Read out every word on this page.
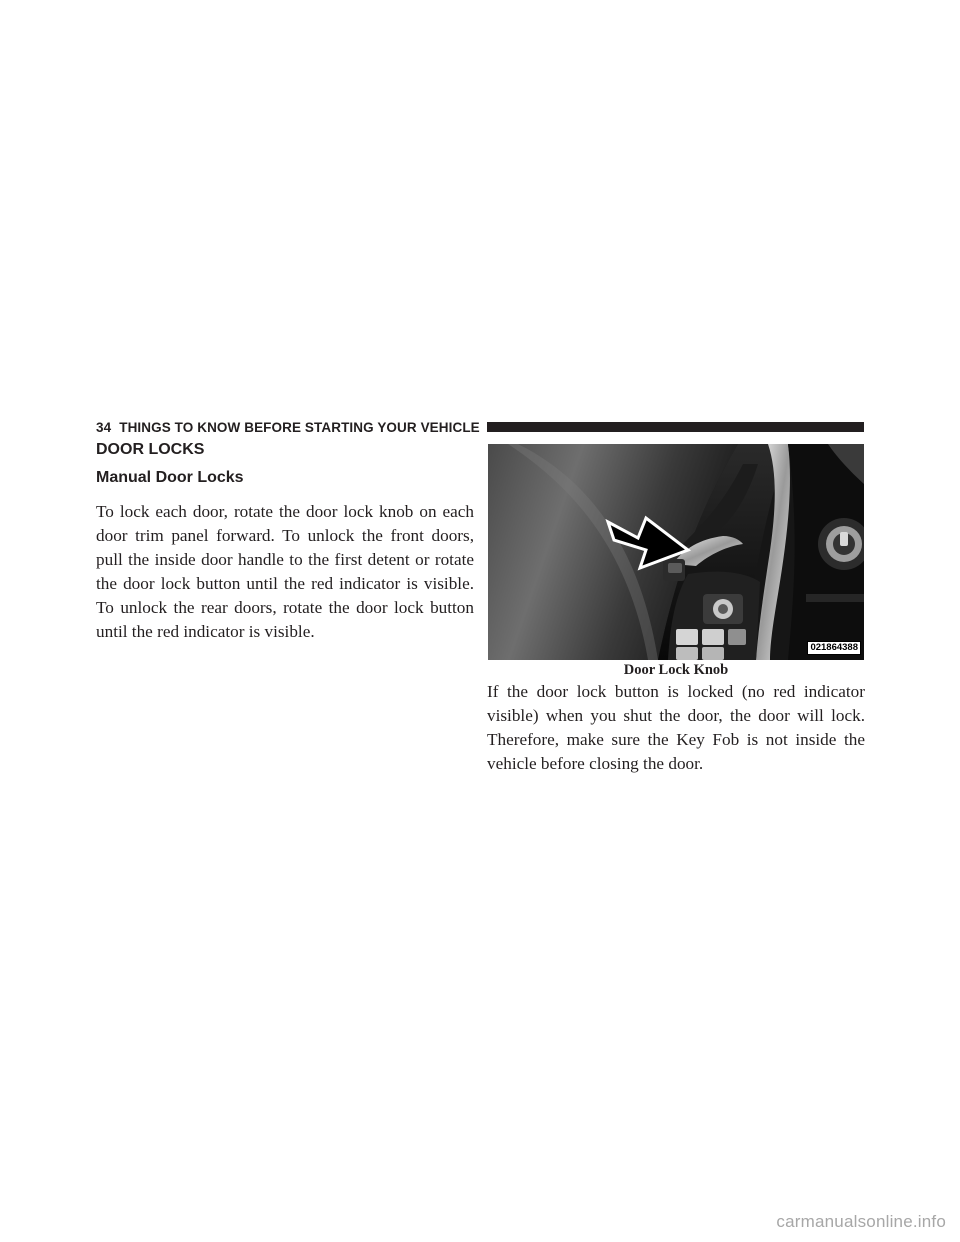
34 THINGS TO KNOW BEFORE STARTING YOUR VEHICLE
DOOR LOCKS
Manual Door Locks

To lock each door, rotate the door lock knob on each door trim panel forward. To unlock the front doors, pull the inside door handle to the first detent or rotate the door lock button until the red indicator is visible. To unlock the rear doors, rotate the door lock button until the red indicator is visible.

021864388
Door Lock Knob

If the door lock button is locked (no red indicator visible) when you shut the door, the door will lock. Therefore, make sure the Key Fob is not inside the vehicle before closing the door.

carmanualsonline.info
